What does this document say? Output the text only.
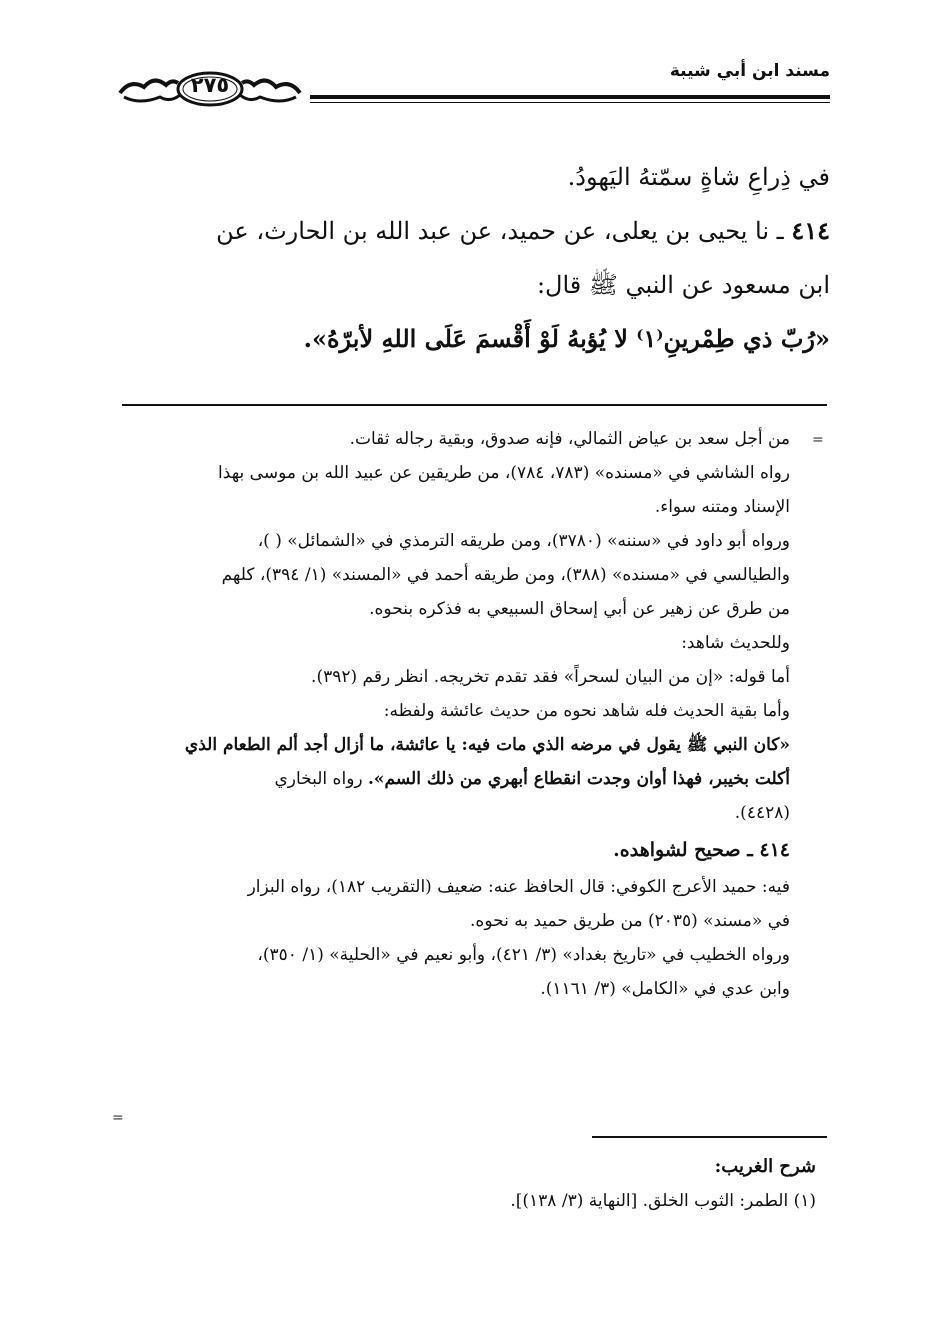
مسند ابن أبي شيبة
٢٧٥

في ذِراعِ شاةٍ سمّتهُ اليَهودُ.

٤١٤ ـ نا يحيى بن يعلى، عن حميد، عن عبد الله بن الحارث، عن

ابن مسعود عن النبي ﷺ قال:

«رُبّ ذي طِمْرينِ⁽١⁾ لا يُؤبهُ لَوْ أَقْسمَ عَلَى اللهِ لأبرّهُ».

=
=

من أجل سعد بن عياض الثمالي، فإنه صدوق، وبقية رجاله ثقات.

رواه الشاشي في «مسنده» (٧٨٣، ٧٨٤)، من طريقين عن عبيد الله بن موسى بهذا

الإسناد ومتنه سواء.

ورواه أبو داود في «سننه» (٣٧٨٠)، ومن طريقه الترمذي في «الشمائل» ( )،

والطيالسي في «مسنده» (٣٨٨)، ومن طريقه أحمد في «المسند» (١/ ٣٩٤)، كلهم

من طرق عن زهير عن أبي إسحاق السبيعي به فذكره بنحوه.

وللحديث شاهد:

أما قوله: «إن من البيان لسحراً» فقد تقدم تخريجه. انظر رقم (٣٩٢).

وأما بقية الحديث فله شاهد نحوه من حديث عائشة ولفظه:

«كان النبي ﷺ يقول في مرضه الذي مات فيه: يا عائشة، ما أزال أجد ألم الطعام الذي

أكلت بخيبر، فهذا أوان وجدت انقطاع أبهري من ذلك السم». رواه البخاري

(٤٤٢٨).

٤١٤ ـ صحيح لشواهده.

فيه: حميد الأعرج الكوفي: قال الحافظ عنه: ضعيف (التقريب ١٨٢)، رواه البزار

في «مسند» (٢٠٣٥) من طريق حميد به نحوه.

ورواه الخطيب في «تاريخ بغداد» (٣/ ٤٢١)، وأبو نعيم في «الحلية» (١/ ٣٥٠)،

وابن عدي في «الكامل» (٣/ ١١٦١).

شرح الغريب:

(١) الطمر: الثوب الخلق. [النهاية (٣/ ١٣٨)].
